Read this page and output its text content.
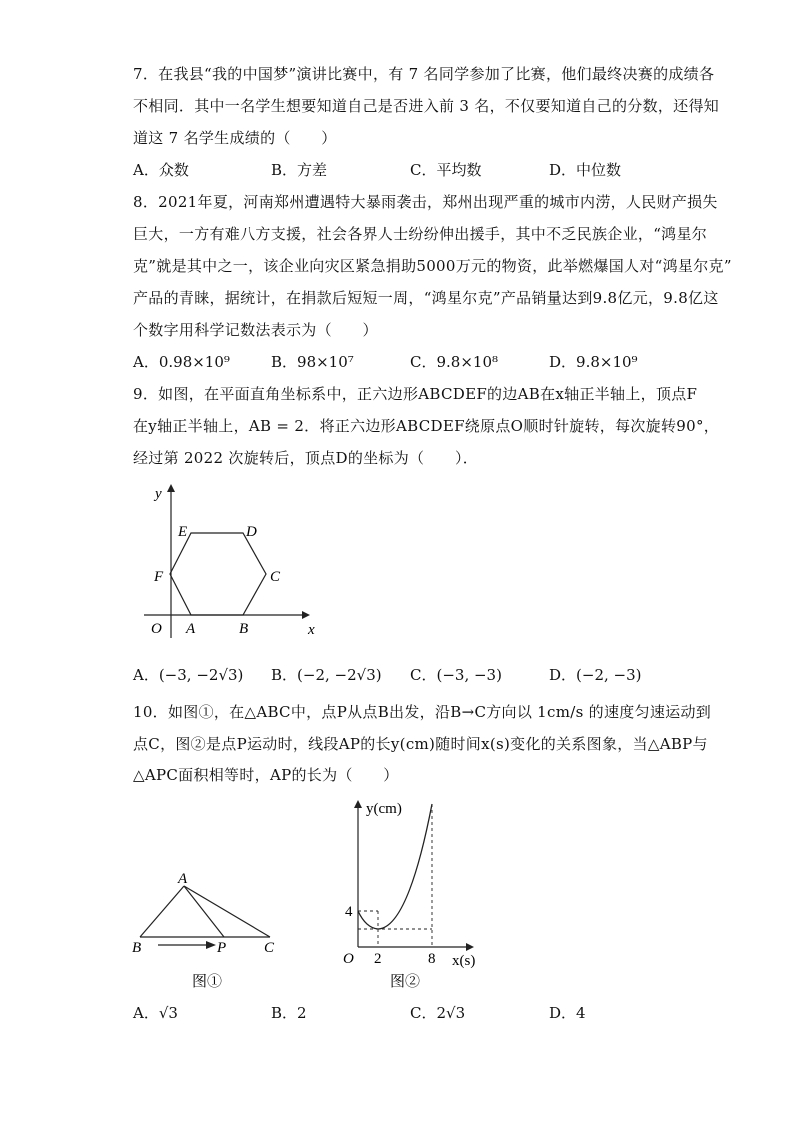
7．在我县“我的中国梦”演讲比赛中，有 7 名同学参加了比赛，他们最终决赛的成绩各
不相同．其中一名学生想要知道自己是否进入前 3 名，不仅要知道自己的分数，还得知
道这 7 名学生成绩的（　　）
A．众数	B．方差	C．平均数	D．中位数
8．2021年夏，河南郑州遭遇特大暴雨袭击，郑州出现严重的城市内涝，人民财产损失
巨大，一方有难八方支援，社会各界人士纷纷伸出援手，其中不乏民族企业，“鸿星尔
克”就是其中之一，该企业向灾区紧急捐助5000万元的物资，此举燃爆国人对“鸿星尔克”
产品的青睐，据统计，在捐款后短短一周，“鸿星尔克”产品销量达到9.8亿元，9.8亿这
个数字用科学记数法表示为（　　）
A．0.98×10⁹	B．98×10⁷	C．9.8×10⁸	D．9.8×10⁹
9．如图，在平面直角坐标系中，正六边形ABCDEF的边AB在x轴正半轴上，顶点F
在y轴正半轴上，AB = 2．将正六边形ABCDEF绕原点O顺时针旋转，每次旋转90°，
经过第 2022 次旋转后，顶点D的坐标为（　　）．
y
x
O A	B
C
D
E
F
A．(−3, −2√3) B．(−2, −2√3) C．(−3, −3)	D．(−2, −3)
10．如图①，在△ABC中，点P从点B出发，沿B→C方向以 1cm/s 的速度匀速运动到
点C，图②是点P运动时，线段AP的长y(cm)随时间x(s)变化的关系图象，当△ABP与
△APC面积相等时，AP的长为（　　）
A
B	P	C
图①
y(cm)
x(s)
O
4
2	8
图②
A．√3	B．2	C．2√3	D．4
